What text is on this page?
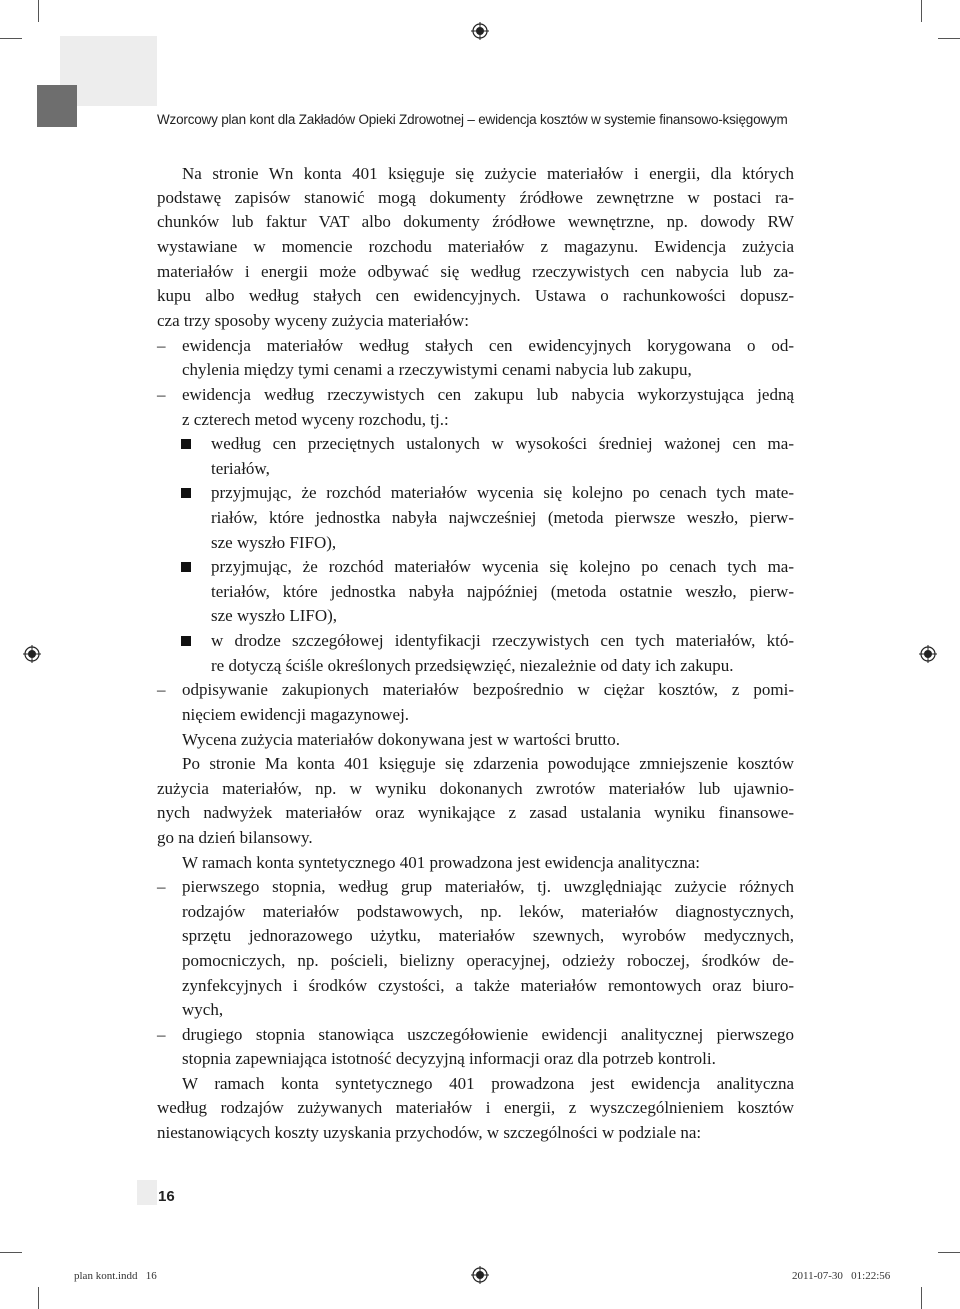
Wzorcowy plan kont dla Zakładów Opieki Zdrowotnej – ewidencja kosztów w systemie finansowo-księgowym
Na stronie Wn konta 401 księguje się zużycie materiałów i energii, dla których
podstawę zapisów stanowić mogą dokumenty źródłowe zewnętrzne w postaci ra-
chunków lub faktur VAT albo dokumenty źródłowe wewnętrzne, np. dowody RW
wystawiane w momencie rozchodu materiałów z magazynu. Ewidencja zużycia
materiałów i energii może odbywać się według rzeczywistych cen nabycia lub za-
kupu albo według stałych cen ewidencyjnych. Ustawa o rachunkowości dopusz-
cza trzy sposoby wyceny zużycia materiałów:
– ewidencja materiałów według stałych cen ewidencyjnych korygowana o od-
chylenia między tymi cenami a rzeczywistymi cenami nabycia lub zakupu,
– ewidencja według rzeczywistych cen zakupu lub nabycia wykorzystująca jedną
z czterech metod wyceny rozchodu, tj.:
według cen przeciętnych ustalonych w wysokości średniej ważonej cen ma-
teriałów,
przyjmując, że rozchód materiałów wycenia się kolejno po cenach tych mate-
riałów, które jednostka nabyła najwcześniej (metoda pierwsze weszło, pierw-
sze wyszło FIFO),
przyjmując, że rozchód materiałów wycenia się kolejno po cenach tych ma-
teriałów, które jednostka nabyła najpóźniej (metoda ostatnie weszło, pierw-
sze wyszło LIFO),
w drodze szczegółowej identyfikacji rzeczywistych cen tych materiałów, któ-
re dotyczą ściśle określonych przedsięwzięć, niezależnie od daty ich zakupu.
– odpisywanie zakupionych materiałów bezpośrednio w ciężar kosztów, z pomi-
nięciem ewidencji magazynowej.
Wycena zużycia materiałów dokonywana jest w wartości brutto.
Po stronie Ma konta 401 księguje się zdarzenia powodujące zmniejszenie kosztów
zużycia materiałów, np. w wyniku dokonanych zwrotów materiałów lub ujawnio-
nych nadwyżek materiałów oraz wynikające z zasad ustalania wyniku finansowe-
go na dzień bilansowy.
W ramach konta syntetycznego 401 prowadzona jest ewidencja analityczna:
– pierwszego stopnia, według grup materiałów, tj. uwzględniając zużycie różnych
rodzajów materiałów podstawowych, np. leków, materiałów diagnostycznych,
sprzętu jednorazowego użytku, materiałów szewnych, wyrobów medycznych,
pomocniczych, np. pościeli, bielizny operacyjnej, odzieży roboczej, środków de-
zynfekcyjnych i środków czystości, a także materiałów remontowych oraz biuro-
wych,
– drugiego stopnia stanowiąca uszczegółowienie ewidencji analitycznej pierwszego
stopnia zapewniająca istotność decyzyjną informacji oraz dla potrzeb kontroli.
W ramach konta syntetycznego 401 prowadzona jest ewidencja analityczna
według rodzajów zużywanych materiałów i energii, z wyszczególnieniem kosztów
niestanowiących koszty uzyskania przychodów, w szczególności w podziale na:
16
plan kont.indd   16	2011-07-30   01:22:56
